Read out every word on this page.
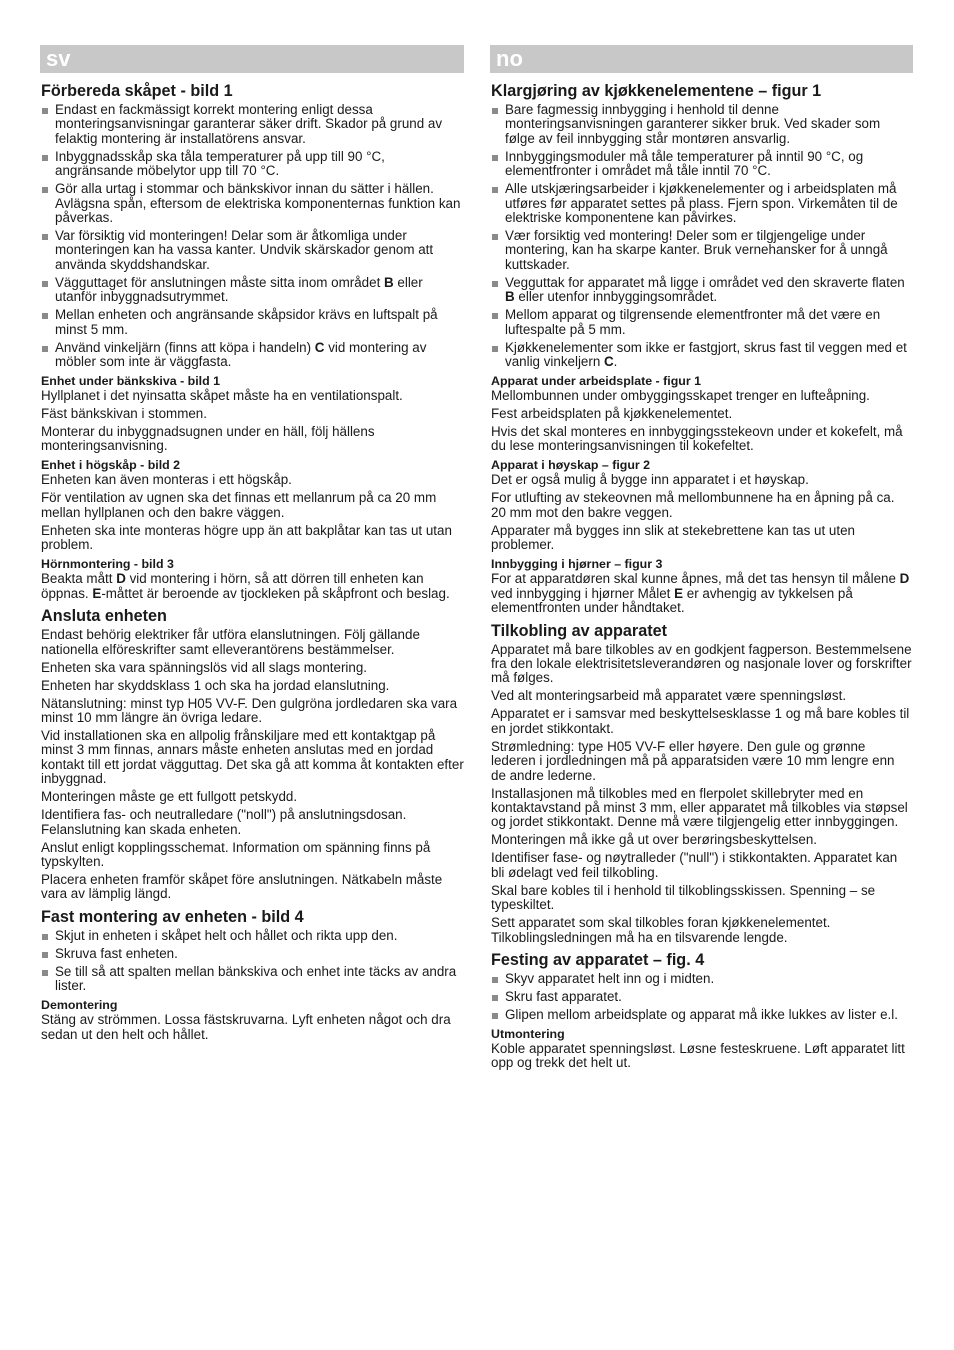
sv
Förbereda skåpet - bild 1
Endast en fackmässigt korrekt montering enligt dessa monteringsanvisningar garanterar säker drift. Skador på grund av felaktig montering är installatörens ansvar.
Inbyggnadsskåp ska tåla temperaturer på upp till 90 °C, angränsande möbelytor upp till 70 °C.
Gör alla urtag i stommar och bänkskivor innan du sätter i hällen. Avlägsna spån, eftersom de elektriska komponenternas funktion kan påverkas.
Var försiktig vid monteringen! Delar som är åtkomliga under monteringen kan ha vassa kanter. Undvik skärskador genom att använda skyddshandskar.
Vägguttaget för anslutningen måste sitta inom området B eller utanför inbyggnadsutrymmet.
Mellan enheten och angränsande skåpsidor krävs en luftspalt på minst 5 mm.
Använd vinkeljärn (finns att köpa i handeln) C vid montering av möbler som inte är väggfasta.
Enhet under bänkskiva - bild 1

Hyllplanet i det nyinsatta skåpet måste ha en ventilationspalt.

Fäst bänkskivan i stommen.

Monterar du inbyggnadsugnen under en häll, följ hällens monteringsanvisning.

Enhet i högskåp - bild 2

Enheten kan även monteras i ett högskåp.

För ventilation av ugnen ska det finnas ett mellanrum på ca 20 mm mellan hyllplanen och den bakre väggen.

Enheten ska inte monteras högre upp än att bakplåtar kan tas ut utan problem.

Hörnmontering - bild 3

Beakta mått D vid montering i hörn, så att dörren till enheten kan öppnas. E-måttet är beroende av tjockleken på skåpfront och beslag.

Ansluta enheten

Endast behörig elektriker får utföra elanslutningen. Följ gällande nationella elföreskrifter samt elleverantörens bestämmelser.

Enheten ska vara spänningslös vid all slags montering.

Enheten har skyddsklass 1 och ska ha jordad elanslutning.

Nätanslutning: minst typ H05 VV-F. Den gulgröna jordledaren ska vara minst 10 mm längre än övriga ledare.

Vid installationen ska en allpolig frånskiljare med ett kontaktgap på minst 3 mm finnas, annars måste enheten anslutas med en jordad kontakt till ett jordat vägguttag. Det ska gå att komma åt kontakten efter inbyggnad.

Monteringen måste ge ett fullgott petskydd.

Identifiera fas- och neutralledare ("noll") på anslutningsdosan. Felanslutning kan skada enheten.

Anslut enligt kopplingsschemat. Information om spänning finns på typskylten.

Placera enheten framför skåpet före anslutningen. Nätkabeln måste vara av lämplig längd.

Fast montering av enheten - bild 4
Skjut in enheten i skåpet helt och hållet och rikta upp den.
Skruva fast enheten.
Se till så att spalten mellan bänkskiva och enhet inte täcks av andra lister.
Demontering

Stäng av strömmen. Lossa fästskruvarna. Lyft enheten något och dra sedan ut den helt och hållet.

no
Klargjøring av kjøkkenelementene – figur 1
Bare fagmessig innbygging i henhold til denne monteringsanvisningen garanterer sikker bruk. Ved skader som følge av feil innbygging står montøren ansvarlig.
Innbyggingsmoduler må tåle temperaturer på inntil 90 °C, og elementfronter i området må tåle inntil 70 °C.
Alle utskjæringsarbeider i kjøkkenelementer og i arbeidsplaten må utføres før apparatet settes på plass. Fjern spon. Virkemåten til de elektriske komponentene kan påvirkes.
Vær forsiktig ved montering! Deler som er tilgjengelige under montering, kan ha skarpe kanter. Bruk vernehansker for å unngå kuttskader.
Vegguttak for apparatet må ligge i området ved den skraverte flaten B eller utenfor innbyggingsområdet.
Mellom apparat og tilgrensende elementfronter må det være en luftespalte på 5 mm.
Kjøkkenelementer som ikke er fastgjort, skrus fast til veggen med et vanlig vinkeljern C.
Apparat under arbeidsplate - figur 1

Mellombunnen under ombyggingsskapet trenger en lufteåpning.

Fest arbeidsplaten på kjøkkenelementet.

Hvis det skal monteres en innbyggingsstekeovn under et kokefelt, må du lese monteringsanvisningen til kokefeltet.

Apparat i høyskap – figur 2

Det er også mulig å bygge inn apparatet i et høyskap.

For utlufting av stekeovnen må mellombunnene ha en åpning på ca. 20 mm mot den bakre veggen.

Apparater må bygges inn slik at stekebrettene kan tas ut uten problemer.

Innbygging i hjørner – figur 3

For at apparatdøren skal kunne åpnes, må det tas hensyn til målene D ved innbygging i hjørner Målet E er avhengig av tykkelsen på elementfronten under håndtaket.

Tilkobling av apparatet

Apparatet må bare tilkobles av en godkjent fagperson. Bestemmelsene fra den lokale elektrisitetsleverandøren og nasjonale lover og forskrifter må følges.

Ved alt monteringsarbeid må apparatet være spenningsløst.

Apparatet er i samsvar med beskyttelsesklasse 1 og må bare kobles til en jordet stikkontakt.

Strømledning: type H05 VV-F eller høyere. Den gule og grønne lederen i jordledningen må på apparatsiden være 10 mm lengre enn de andre lederne.

Installasjonen må tilkobles med en flerpolet skillebryter med en kontaktavstand på minst 3 mm, eller apparatet må tilkobles via støpsel og jordet stikkontakt. Denne må være tilgjengelig etter innbyggingen.

Monteringen må ikke gå ut over berøringsbeskyttelsen.

Identifiser fase- og nøytralleder ("null") i stikkontakten. Apparatet kan bli ødelagt ved feil tilkobling.

Skal bare kobles til i henhold til tilkoblingsskissen. Spenning – se typeskiltet.

Sett apparatet som skal tilkobles foran kjøkkenelementet. Tilkoblingsledningen må ha en tilsvarende lengde.

Festing av apparatet – fig. 4
Skyv apparatet helt inn og i midten.
Skru fast apparatet.
Glipen mellom arbeidsplate og apparat må ikke lukkes av lister e.l.
Utmontering

Koble apparatet spenningsløst. Løsne festeskruene. Løft apparatet litt opp og trekk det helt ut.
